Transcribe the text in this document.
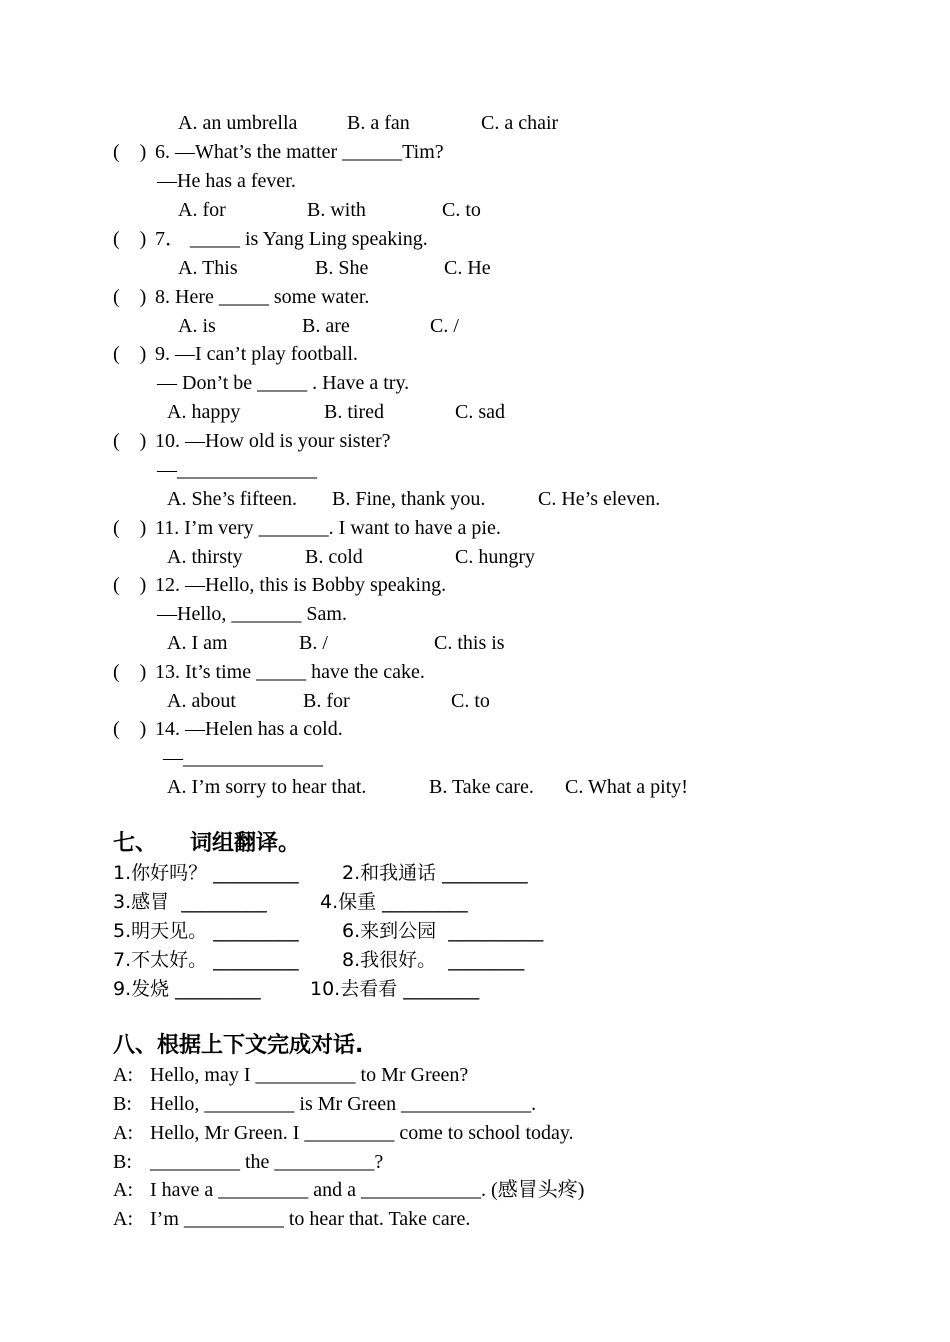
A. an umbrella B. a fan	C. a chair
(    ) 6. —What’s the matter ______Tim?
—He has a fever.
A. for	B. with	C. to
(    ) 7． _____ is Yang Ling speaking.
A. This	B. She	C. He
(    ) 8. Here _____ some water.
A. is	B. are	C. /
(    ) 9. —I can’t play football.
— Don’t be _____ . Have a try.
A. happy	B. tired	C. sad
(    ) 10. —How old is your sister?
—______________
A. She’s fifteen. B. Fine, thank you.	C. He’s eleven.
(    ) 11. I’m very _______. I want to have a pie.
A. thirsty	B. cold	C. hungry
(    ) 12. —Hello, this is Bobby speaking.
—Hello, _______ Sam.
A. I am	B. /	C. this is
(    ) 13. It’s time _____ have the cake.
A. about	B. for	C. to
(    ) 14. —Helen has a cold.
—______________
A. I’m sorry to hear that.	B. Take care. C. What a pity!
七、 词组翻译。
1.你好吗？ _________ 2.和我通话 _________
3.感冒  _________	4.保重 _________
5.明天见。 _________ 6.来到公园  __________
7.不太好。 _________ 8.我很好。  ________
9.发烧 _________	10.去看看 ________
八、根据上下文完成对话.
A: Hello, may I __________ to Mr Green?
B: Hello, _________ is Mr Green _____________.
A: Hello, Mr Green. I _________ come to school today.
B: _________ the __________?
A: I have a _________ and a ____________. (感冒头疼)
A: I’m __________ to hear that. Take care.
